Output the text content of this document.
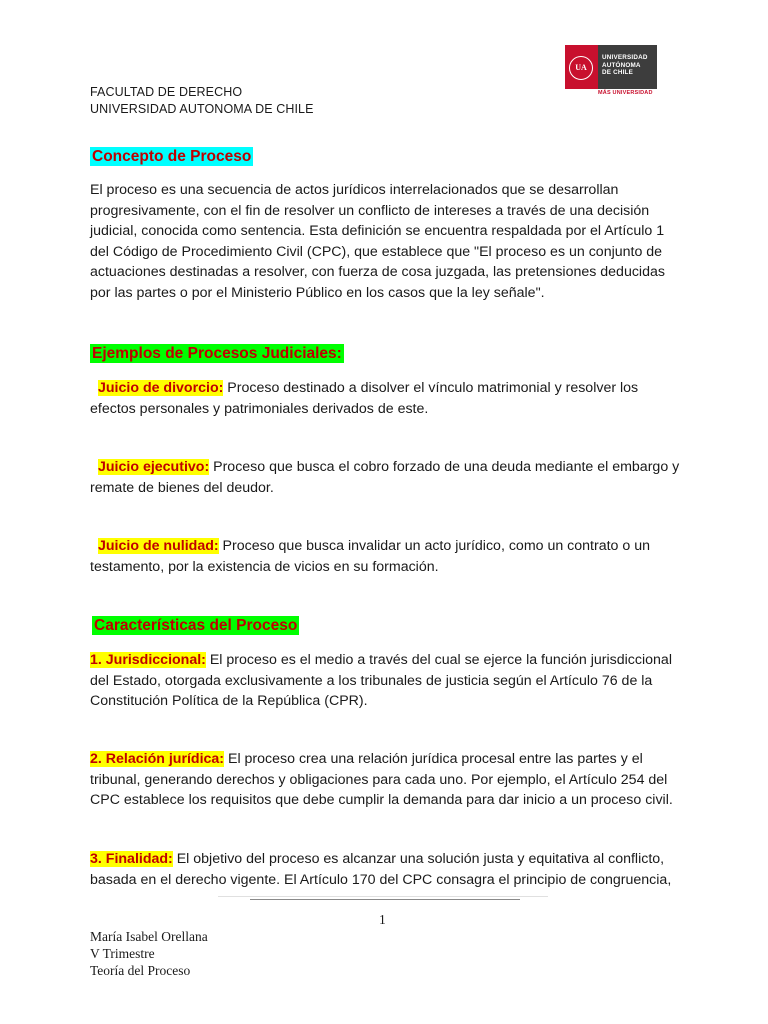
FACULTAD DE DERECHO
UNIVERSIDAD AUTONOMA DE CHILE
UA
UNIVERSIDAD
AUTÓNOMA
DE CHILE
MÁS UNIVERSIDAD
Concepto de Proceso
El proceso es una secuencia de actos jurídicos interrelacionados que se desarrollan progresivamente, con el fin de resolver un conflicto de intereses a través de una decisión judicial, conocida como sentencia. Esta definición se encuentra respaldada por el Artículo 1 del Código de Procedimiento Civil (CPC), que establece que "El proceso es un conjunto de actuaciones destinadas a resolver, con fuerza de cosa juzgada, las pretensiones deducidas por las partes o por el Ministerio Público en los casos que la ley señale".
Ejemplos de Procesos Judiciales:
Juicio de divorcio: Proceso destinado a disolver el vínculo matrimonial y resolver los efectos personales y patrimoniales derivados de este.
Juicio ejecutivo: Proceso que busca el cobro forzado de una deuda mediante el embargo y remate de bienes del deudor.
Juicio de nulidad: Proceso que busca invalidar un acto jurídico, como un contrato o un testamento, por la existencia de vicios en su formación.
Características del Proceso
1. Jurisdiccional: El proceso es el medio a través del cual se ejerce la función jurisdiccional del Estado, otorgada exclusivamente a los tribunales de justicia según el Artículo 76 de la Constitución Política de la República (CPR).
2. Relación jurídica: El proceso crea una relación jurídica procesal entre las partes y el tribunal, generando derechos y obligaciones para cada uno. Por ejemplo, el Artículo 254 del CPC establece los requisitos que debe cumplir la demanda para dar inicio a un proceso civil.
3. Finalidad: El objetivo del proceso es alcanzar una solución justa y equitativa al conflicto, basada en el derecho vigente. El Artículo 170 del CPC consagra el principio de congruencia,
1
María Isabel Orellana
V Trimestre
Teoría del Proceso
